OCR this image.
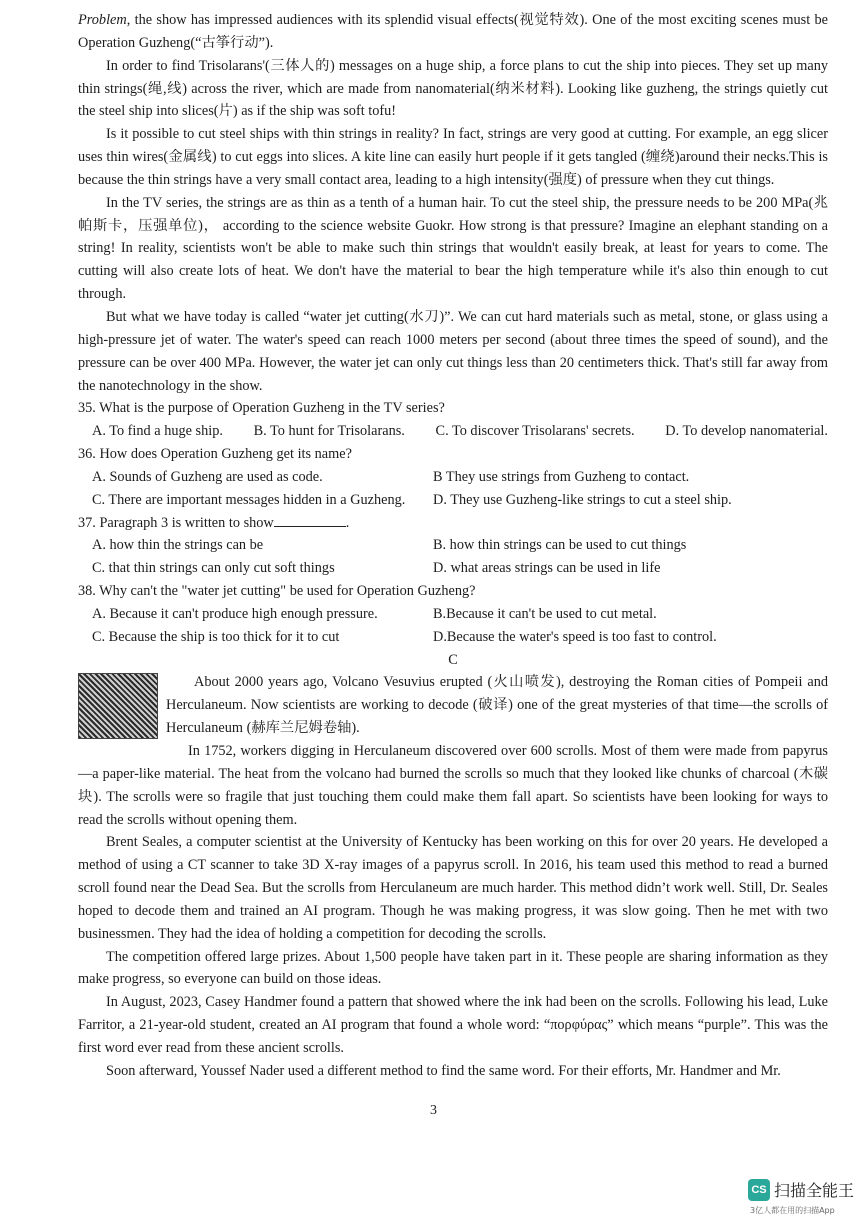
Problem, the show has impressed audiences with its splendid visual effects(视觉特效). One of the most exciting scenes must be Operation Guzheng(“古筝行动”).

In order to find Trisolarans'(三体人的) messages on a huge ship, a force plans to cut the ship into pieces. They set up many thin strings(绳,线) across the river, which are made from nanomaterial(纳米材料). Looking like guzheng, the strings quietly cut the steel ship into slices(片) as if the ship was soft tofu!

Is it possible to cut steel ships with thin strings in reality? In fact, strings are very good at cutting. For example, an egg slicer uses thin wires(金属线) to cut eggs into slices. A kite line can easily hurt people if it gets tangled (缠绕)around their necks.This is because the thin strings have a very small contact area, leading to a high intensity(强度) of pressure when they cut things.

In the TV series, the strings are as thin as a tenth of a human hair. To cut the steel ship, the pressure needs to be 200 MPa(兆帕斯卡，压强单位)， according to the science website Guokr. How strong is that pressure? Imagine an elephant standing on a string! In reality, scientists won't be able to make such thin strings that wouldn't easily break, at least for years to come. The cutting will also create lots of heat. We don't have the material to bear the high temperature while it's also thin enough to cut through.

But what we have today is called “water jet cutting(水刀)”. We can cut hard materials such as metal, stone, or glass using a high-pressure jet of water. The water's speed can reach 1000 meters per second (about three times the speed of sound), and the pressure can be over 400 MPa. However, the water jet can only cut things less than 20 centimeters thick. That's still far away from the nanotechnology in the show.

35. What is the purpose of Operation Guzheng in the TV series?

A. To find a huge ship. B. To hunt for Trisolarans. C. To discover Trisolarans' secrets. D. To develop nanomaterial.

36. How does Operation Guzheng get its name?

A. Sounds of Guzheng are used as code.	B They use strings from Guzheng to contact.
C. There are important messages hidden in a Guzheng.	D. They use Guzheng-like strings to cut a steel ship.

37. Paragraph 3 is written to show	.

A. how thin the strings can be	B. how thin strings can be used to cut things
C. that thin strings can only cut soft things	D. what areas strings can be used in life

38. Why can't the "water jet cutting" be used for Operation Guzheng?

A. Because it can't produce high enough pressure.	B.Because it can't be used to cut metal.
C. Because the ship is too thick for it to cut	D.Because the water's speed is too fast to control.

C

About 2000 years ago, Volcano Vesuvius erupted (火山喷发), destroying the Roman cities of Pompeii and Herculaneum. Now scientists are working to decode (破译) one of the great mysteries of that time—the scrolls of Herculaneum (赫库兰尼姆卷轴).

In 1752, workers digging in Herculaneum discovered over 600 scrolls. Most of them were made from papyrus—a paper-like material. The heat from the volcano had burned the scrolls so much that they looked like chunks of charcoal (木碳块). The scrolls were so fragile that just touching them could make them fall apart. So scientists have been looking for ways to read the scrolls without opening them.

Brent Seales, a computer scientist at the University of Kentucky has been working on this for over 20 years. He developed a method of using a CT scanner to take 3D X-ray images of a papyrus scroll. In 2016, his team used this method to read a burned scroll found near the Dead Sea. But the scrolls from Herculaneum are much harder. This method didn’t work well. Still, Dr. Seales hoped to decode them and trained an AI program. Though he was making progress, it was slow going. Then he met with two businessmen. They had the idea of holding a competition for decoding the scrolls.

The competition offered large prizes. About 1,500 people have taken part in it. These people are sharing information as they make progress, so everyone can build on those ideas.

In August, 2023, Casey Handmer found a pattern that showed where the ink had been on the scrolls. Following his lead, Luke Farritor, a 21-year-old student, created an AI program that found a whole word: “πορφύρας” which means “purple”. This was the first word ever read from these ancient scrolls.

Soon afterward, Youssef Nader used a different method to find the same word. For their efforts, Mr. Handmer and Mr.

3
CS 扫描全能王
3亿人都在用的扫描App
